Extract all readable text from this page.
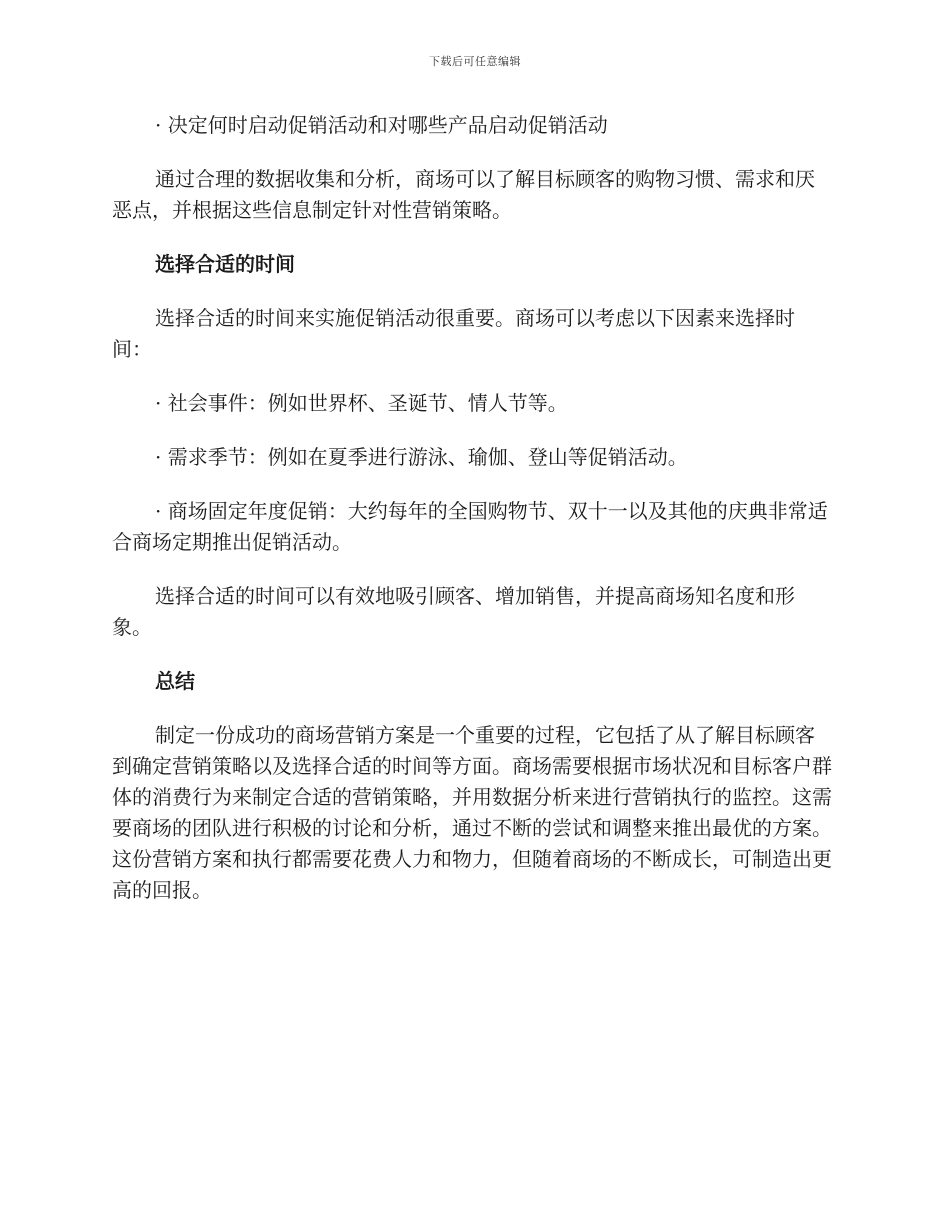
下载后可任意编辑

· 决定何时启动促销活动和对哪些产品启动促销活动

通过合理的数据收集和分析，商场可以了解目标顾客的购物习惯、需求和厌恶点，并根据这些信息制定针对性营销策略。

选择合适的时间

选择合适的时间来实施促销活动很重要。商场可以考虑以下因素来选择时间：

· 社会事件：例如世界杯、圣诞节、情人节等。

· 需求季节：例如在夏季进行游泳、瑜伽、登山等促销活动。

· 商场固定年度促销：大约每年的全国购物节、双十一以及其他的庆典非常适合商场定期推出促销活动。

选择合适的时间可以有效地吸引顾客、增加销售，并提高商场知名度和形象。

总结

制定一份成功的商场营销方案是一个重要的过程，它包括了从了解目标顾客到确定营销策略以及选择合适的时间等方面。商场需要根据市场状况和目标客户群体的消费行为来制定合适的营销策略，并用数据分析来进行营销执行的监控。这需要商场的团队进行积极的讨论和分析，通过不断的尝试和调整来推出最优的方案。这份营销方案和执行都需要花费人力和物力，但随着商场的不断成长，可制造出更高的回报。
